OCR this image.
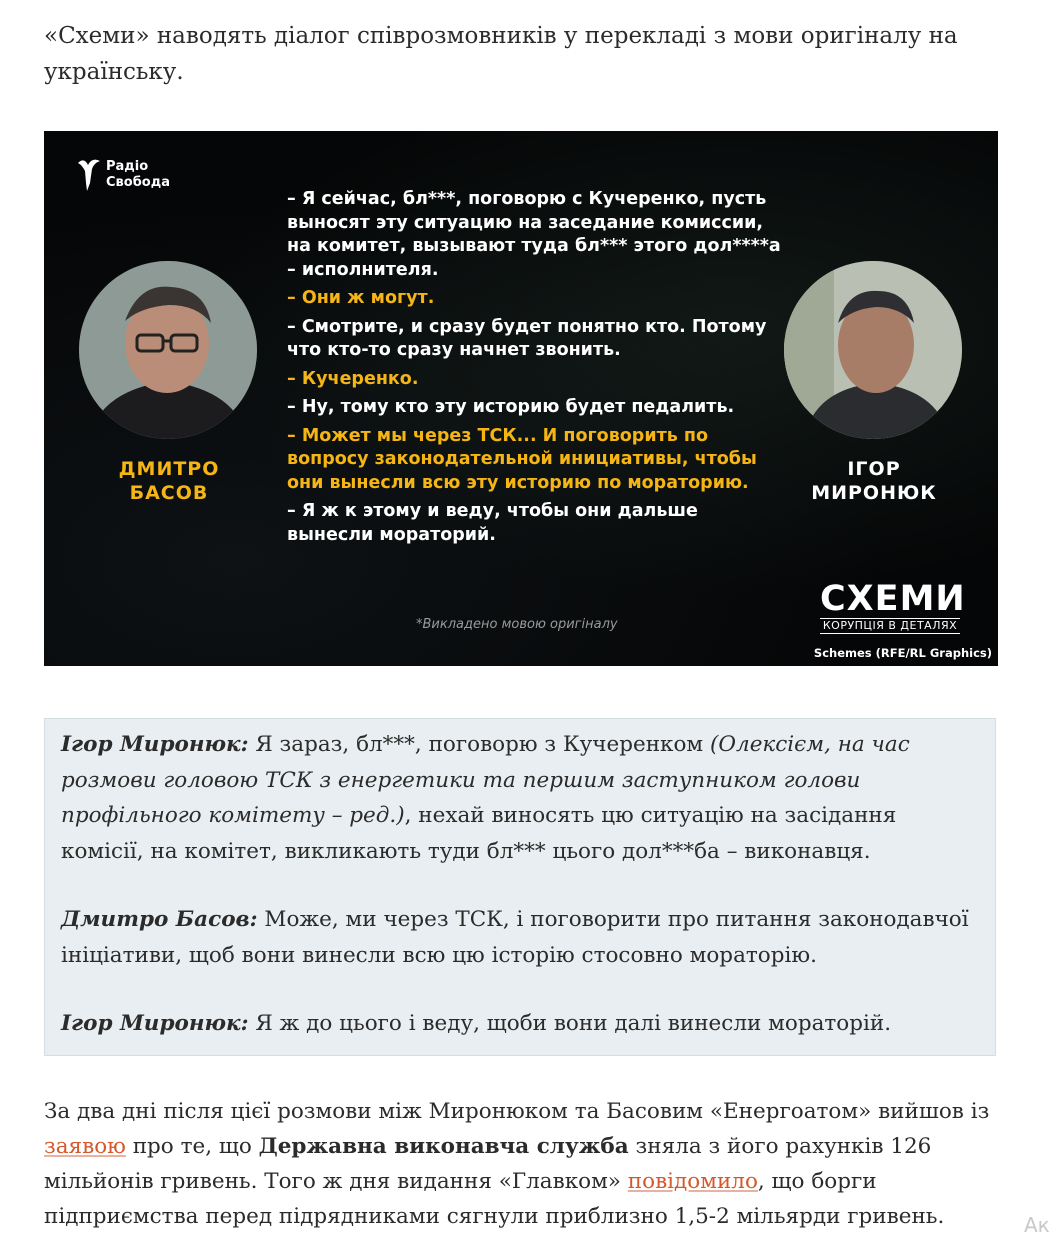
«Схеми» наводять діалог співрозмовників у перекладі з мови оригіналу на українську.

Радіо
Свобода
ДМИТРО
БАСОВ
ІГОР
МИРОНЮК

– Я сейчас, бл***, поговорю с Кучеренко, пусть выносят эту ситуацию на заседание комиссии, на комитет, вызывают туда бл*** этого дол****а – исполнителя.

– Они ж могут.

– Смотрите, и сразу будет понятно кто. Потому что кто-то сразу начнет звонить.

– Кучеренко.

– Ну, тому кто эту историю будет педалить.

– Может мы через ТСК... И поговорить по вопросу законодательной инициативы, чтобы они вынесли всю эту историю по мораторию.

– Я ж к этому и веду, чтобы они дальше вынесли мораторий.

*Викладено мовою оригіналу
СХЕМИ
КОРУПЦІЯ В ДЕТАЛЯХ
Schemes (RFE/RL Graphics)

Ігор Миронюк: Я зараз, бл***, поговорю з Кучеренком (Олексієм, на час розмови головою ТСК з енергетики та першим заступником голови профільного комітету – ред.), нехай виносять цю ситуацію на засідання комісії, на комітет, викликають туди бл*** цього дол***ба – виконавця.

Дмитро Басов: Може, ми через ТСК, і поговорити про питання законодавчої ініціативи, щоб вони винесли всю цю історію стосовно мораторію.

Ігор Миронюк: Я ж до цього і веду, щоби вони далі винесли мораторій.

За два дні після цієї розмови між Миронюком та Басовим «Енергоатом» вийшов із заявою про те, що Державна виконавча служба зняла з його рахунків 126 мільйонів гривень. Того ж дня видання «Главком» повідомило, що борги підприємства перед підрядниками сягнули приблизно 1,5-2 мільярди гривень.	Ак
